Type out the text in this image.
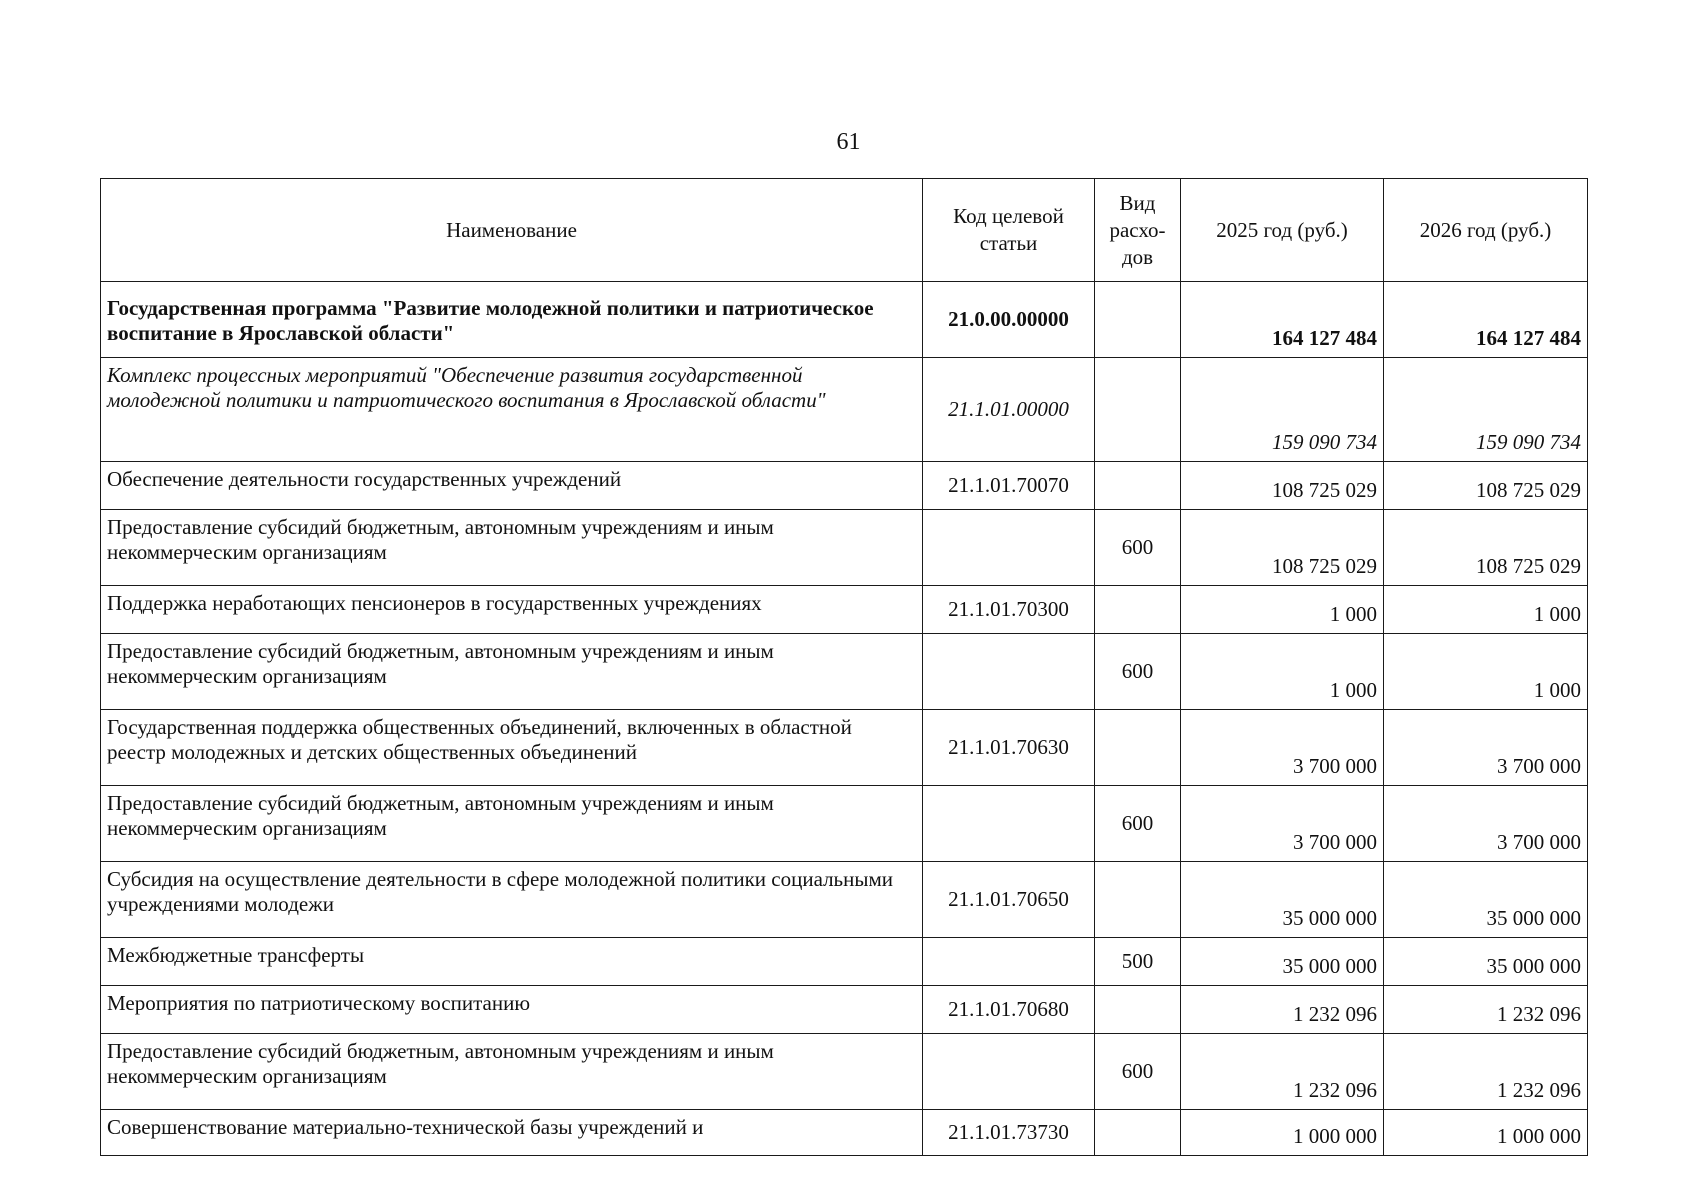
61
Наименование	Код целевой статьи	Вид расхо-дов	2025 год (руб.)	2026 год (руб.)
Государственная программа "Развитие молодежной политики и патриотическое воспитание в Ярославской области"	21.0.00.00000		164 127 484	164 127 484
Комплекс процессных мероприятий "Обеспечение развития государственной молодежной политики и патриотического воспитания в Ярославской области"	21.1.01.00000		159 090 734	159 090 734
Обеспечение деятельности государственных учреждений	21.1.01.70070		108 725 029	108 725 029
Предоставление субсидий бюджетным, автономным учреждениям и иным некоммерческим организациям		600	108 725 029	108 725 029
Поддержка неработающих пенсионеров в государственных учреждениях	21.1.01.70300		1 000	1 000
Предоставление субсидий бюджетным, автономным учреждениям и иным некоммерческим организациям		600	1 000	1 000
Государственная поддержка общественных объединений, включенных в областной реестр молодежных и детских общественных объединений	21.1.01.70630		3 700 000	3 700 000
Предоставление субсидий бюджетным, автономным учреждениям и иным некоммерческим организациям		600	3 700 000	3 700 000
Субсидия на осуществление деятельности в сфере молодежной политики социальными учреждениями молодежи	21.1.01.70650		35 000 000	35 000 000
Межбюджетные трансферты		500	35 000 000	35 000 000
Мероприятия по патриотическому воспитанию	21.1.01.70680		1 232 096	1 232 096
Предоставление субсидий бюджетным, автономным учреждениям и иным некоммерческим организациям		600	1 232 096	1 232 096
Совершенствование материально-технической базы учреждений и	21.1.01.73730		1 000 000	1 000 000
